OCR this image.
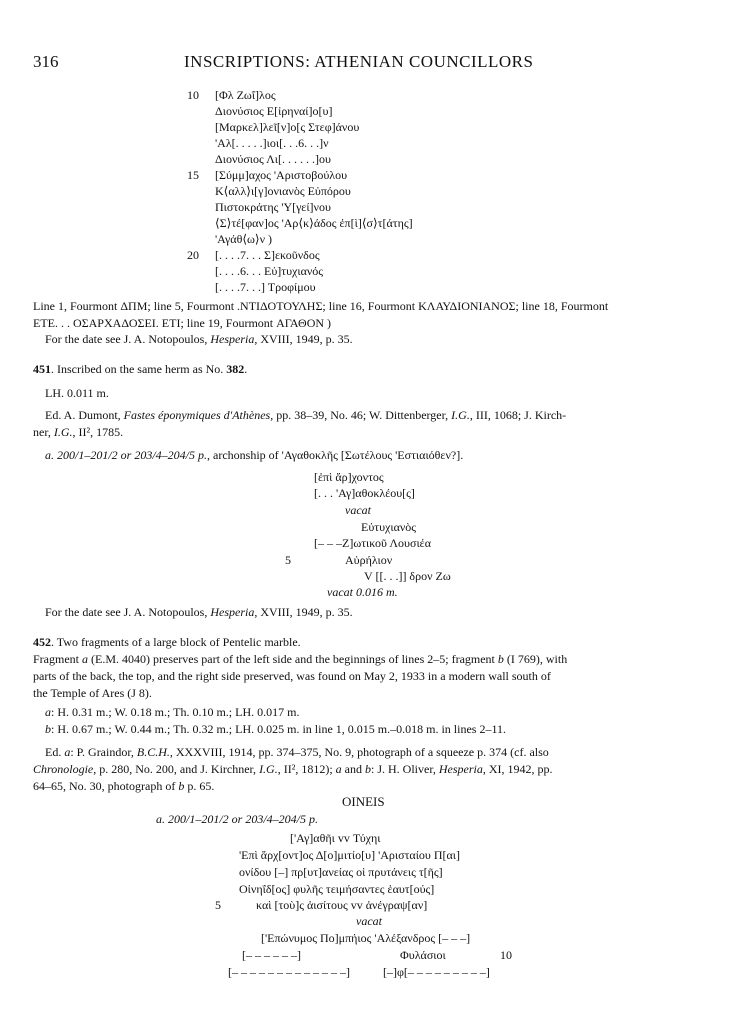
316	INSCRIPTIONS: ATHENIAN COUNCILLORS
10 [Φλ Ζωΐ]λος
Διονύσιος Ε[ἰρηναί]ο[υ]
[Μαρκελ]λεῖ[ν]ο[ς Στεφ]άνου
'Αλ[. . . . .]ιοι[. . .6. . .]ν
Διονύσιος Λι[. . . . . .]ου
15 [Σύμμ]αχος 'Αριστοβούλου
Κ⟨αλλ⟩ι[γ]ονιανὸς Εὐπόρου
Πιστοκράτης 'Υ[γεί]νου
⟨Σ⟩τέ[φαν]ος 'Αρ⟨κ⟩άδος ἐπ[ὶ]⟨σ⟩τ[άτης]
'Αγάθ⟨ω⟩ν )
20 [. . . .7. . . Σ]εκοῦνδος
[. . . .6. . . Εὐ]τυχιανός
[. . . .7. . .] Τροφίμου
Line 1, Fourmont ΔΠΜ; line 5, Fourmont .ΝΤΙΔΟΤΟΥΛΗΣ; line 16, Fourmont ΚΛΑΥΔΙΟΝΙΑΝΟΣ; line 18, Fourmont
ΕΤΕ. . . ΟΣΑΡΧΑΔΟΣΕΙ. ΕΤΙ; line 19, Fourmont ΑΓΑΘΟΝ )
For the date see J. A. Notopoulos, Hesperia, XVIII, 1949, p. 35.
451. Inscribed on the same herm as No. 382.
LH. 0.011 m.
Ed. A. Dumont, Fastes éponymiques d'Athènes, pp. 38–39, No. 46; W. Dittenberger, I.G., III, 1068; J. Kirch-
ner, I.G., II², 1785.
a. 200/1–201/2 or 203/4–204/5 p., archonship of 'Αγαθοκλῆς [Σωτέλους 'Εστιαιόθεν?].
[ἐπὶ ἄρ]χοντος
[. . . 'Αγ]αθοκλέου[ς]
vacat
Εὐτυχιανὸς
[– – –Ζ]ωτικοῦ Λουσιέα
5	Αὐρήλιον
V [[. . .]] δρον Ζω
vacat 0.016 m.
For the date see J. A. Notopoulos, Hesperia, XVIII, 1949, p. 35.
452. Two fragments of a large block of Pentelic marble.
Fragment a (E.M. 4040) preserves part of the left side and the beginnings of lines 2–5; fragment b (I 769), with
parts of the back, the top, and the right side preserved, was found on May 2, 1933 in a modern wall south of
the Temple of Ares (J 8).
a: H. 0.31 m.; W. 0.18 m.; Th. 0.10 m.; LH. 0.017 m.
b: H. 0.67 m.; W. 0.44 m.; Th. 0.32 m.; LH. 0.025 m. in line 1, 0.015 m.–0.018 m. in lines 2–11.
Ed. a: P. Graindor, B.C.H., XXXVIII, 1914, pp. 374–375, No. 9, photograph of a squeeze p. 374 (cf. also
Chronologie, p. 280, No. 200, and J. Kirchner, I.G., II², 1812); a and b: J. H. Oliver, Hesperia, XI, 1942, pp.
64–65, No. 30, photograph of b p. 65.
OINEIS
a. 200/1–201/2 or 203/4–204/5 p.
['Αγ]αθῆι vv Τύχηι
'Επὶ ἄρχ[οντ]ος Δ[ο]μιτίο[υ] 'Αρισταίου Π[αι]
ονίδου [–] πρ[υτ]ανείας οἱ πρυτάνεις τ[ῆς]
Οἰνηΐδ[ος] φυλῆς τειμήσαντες ἑαυτ[ούς]
5	καὶ [τοὺ]ς ἀισίτους vv ἀνέγραψ[αν]
vacat
['Επώνυμος Πο]μπήιος 'Αλέξανδρος [– – –]
[– – – – – –]	Φυλάσιοι	10
[– – – – – – – – – – – – –]	[–]φ[– – – – – – – – –]
